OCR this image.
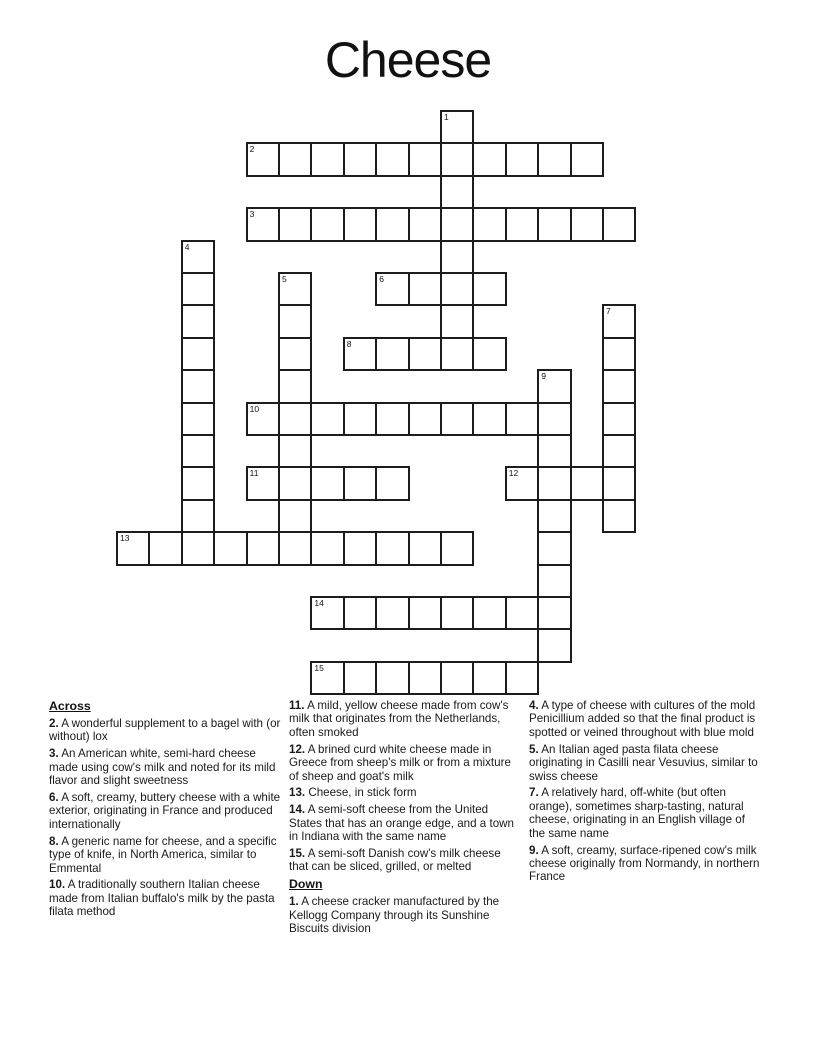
Cheese
1
2
3
4
5	6
7
8
9
10
11	12
13
14
15
Across

2. A wonderful supplement to a bagel with (or without) lox

3. An American white, semi-hard cheese made using cow's milk and noted for its mild flavor and slight sweetness

6. A soft, creamy, buttery cheese with a white exterior, originating in France and produced internationally

8. A generic name for cheese, and a specific type of knife, in North America, similar to Emmental

10. A traditionally southern Italian cheese made from Italian buffalo's milk by the pasta filata method

11. A mild, yellow cheese made from cow's milk that originates from the Netherlands, often smoked

12. A brined curd white cheese made in Greece from sheep's milk or from a mixture of sheep and goat's milk

13. Cheese, in stick form

14. A semi-soft cheese from the United States that has an orange edge, and a town in Indiana with the same name

15. A semi-soft Danish cow's milk cheese that can be sliced, grilled, or melted

Down

1. A cheese cracker manufactured by the Kellogg Company through its Sunshine Biscuits division

4. A type of cheese with cultures of the mold Penicillium added so that the final product is spotted or veined throughout with blue mold

5. An Italian aged pasta filata cheese originating in Casilli near Vesuvius, similar to swiss cheese

7. A relatively hard, off-white (but often orange), sometimes sharp-tasting, natural cheese, originating in an English village of the same name

9. A soft, creamy, surface-ripened cow's milk cheese originally from Normandy, in northern France
